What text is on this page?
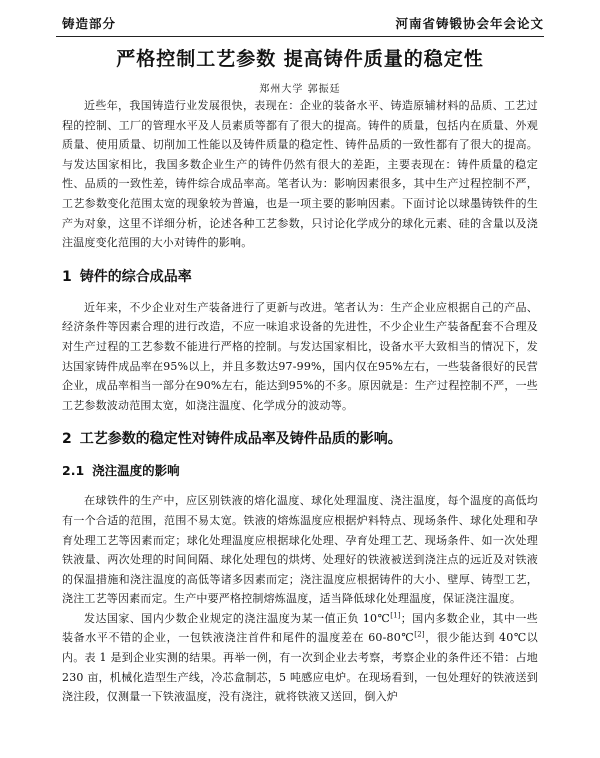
铸造部分	河南省铸锻协会年会论文
严格控制工艺参数 提高铸件质量的稳定性
郑州大学 郭振廷

近些年，我国铸造行业发展很快，表现在：企业的装备水平、铸造原辅材料的品质、工艺过程的控制、工厂的管理水平及人员素质等都有了很大的提高。铸件的质量，包括内在质量、外观质量、使用质量、切削加工性能以及铸件质量的稳定性、铸件品质的一致性都有了很大的提高。与发达国家相比，我国多数企业生产的铸件仍然有很大的差距，主要表现在：铸件质量的稳定性、品质的一致性差，铸件综合成品率高。笔者认为：影响因素很多，其中生产过程控制不严，工艺参数变化范围太宽的现象较为普遍，也是一项主要的影响因素。下面讨论以球墨铸铁件的生产为对象，这里不详细分析，论述各种工艺参数，只讨论化学成分的球化元素、硅的含量以及浇注温度变化范围的大小对铸件的影响。

1 铸件的综合成品率

近年来，不少企业对生产装备进行了更新与改进。笔者认为：生产企业应根据自己的产品、经济条件等因素合理的进行改造，不应一味追求设备的先进性，不少企业生产装备配套不合理及对生产过程的工艺参数不能进行严格的控制。与发达国家相比，设备水平大致相当的情况下，发达国家铸件成品率在95%以上，并且多数达97-99%，国内仅在95%左右，一些装备很好的民营企业，成品率相当一部分在90%左右，能达到95%的不多。原因就是：生产过程控制不严，一些工艺参数波动范围太宽，如浇注温度、化学成分的波动等。

2 工艺参数的稳定性对铸件成品率及铸件品质的影响。
2.1 浇注温度的影响

在球铁件的生产中，应区别铁液的熔化温度、球化处理温度、浇注温度，每个温度的高低均有一个合适的范围，范围不易太宽。铁液的熔炼温度应根据炉料特点、现场条件、球化处理和孕育处理工艺等因素而定；球化处理温度应根据球化处理、孕育处理工艺、现场条件、如一次处理铁液量、两次处理的时间间隔、球化处理包的烘烤、处理好的铁液被送到浇注点的远近及对铁液的保温措施和浇注温度的高低等诸多因素而定；浇注温度应根据铸件的大小、壁厚、铸型工艺，浇注工艺等因素而定。生产中要严格控制熔炼温度，适当降低球化处理温度，保证浇注温度。

发达国家、国内少数企业规定的浇注温度为某一值正负 10℃[1]；国内多数企业，其中一些装备水平不错的企业，一包铁液浇注首件和尾件的温度差在 60-80℃[2]，很少能达到 40℃以内。表 1 是到企业实测的结果。再举一例，有一次到企业去考察，考察企业的条件还不错：占地 230 亩，机械化造型生产线，冷芯盒制芯，5 吨感应电炉。在现场看到，一包处理好的铁液送到浇注段，仅测量一下铁液温度，没有浇注，就将铁液又送回，倒入炉
